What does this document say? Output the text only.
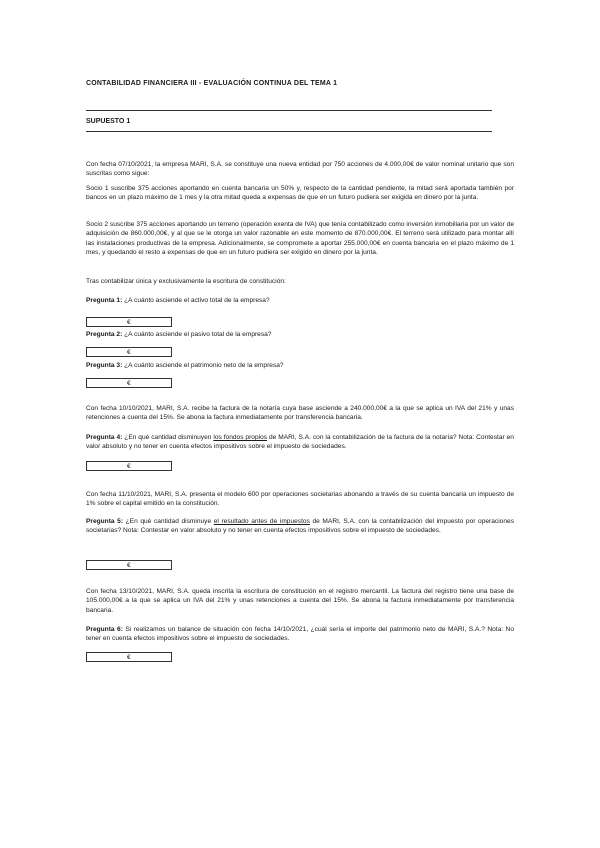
CONTABILIDAD FINANCIERA III - EVALUACIÓN CONTINUA DEL TEMA 1
SUPUESTO 1

Con fecha 07/10/2021, la empresa MARI, S.A. se constituye una nueva entidad por 750 acciones de 4.000,00€ de valor nominal unitario que son suscritas como sigue:

Socio 1 suscribe 375 acciones aportando en cuenta bancaria un 50% y, respecto de la cantidad pendiente, la mitad será aportada también por bancos en un plazo máximo de 1 mes y la otra mitad queda a expensas de que en un futuro pudiera ser exigida en dinero por la junta.

Socio 2 suscribe 375 acciones aportando un terreno (operación exenta de IVA) que tenía contabilizado como inversión inmobiliaria por un valor de adquisición de 860.000,00€, y al que se le otorga un valor razonable en este momento de 870.000,00€. El terreno será utilizado para montar allí las instalaciones productivas de la empresa. Adicionalmente, se compromete a aportar 255.000,00€ en cuenta bancaria en el plazo máximo de 1 mes, y quedando el resto a expensas de que en un futuro pudiera ser exigido en dinero por la junta.

Tras contabilizar única y exclusivamente la escritura de constitución:

Pregunta 1: ¿A cuánto asciende el activo total de la empresa?

€

Pregunta 2: ¿A cuánto asciende el pasivo total de la empresa?

€

Pregunta 3: ¿A cuánto asciende el patrimonio neto de la empresa?

€

Con fecha 10/10/2021, MARI, S.A. recibe la factura de la notaría cuya base asciende a 240.000,00€ a la que se aplica un IVA del 21% y unas retenciones a cuenta del 15%. Se abona la factura inmediatamente por transferencia bancaria.

Pregunta 4: ¿En qué cantidad disminuyen los fondos propios de MARI, S.A. con la contabilización de la factura de la notaría? Nota: Contestar en valor absoluto y no tener en cuenta efectos impositivos sobre el impuesto de sociedades.

€

Con fecha 11/10/2021, MARI, S.A. presenta el modelo 600 por operaciones societarias abonando a través de su cuenta bancaria un impuesto de 1% sobre el capital emitido en la constitución.

Pregunta 5: ¿En qué cantidad disminuye el resultado antes de impuestos de MARI, S.A. con la contabilización del impuesto por operaciones societarias? Nota: Contestar en valor absoluto y no tener en cuenta efectos impositivos sobre el impuesto de sociedades.

€

Con fecha 13/10/2021, MARI, S.A. queda inscrita la escritura de constitución en el registro mercantil. La factura del registro tiene una base de 105.000,00€ a la que se aplica un IVA del 21% y unas retenciones a cuenta del 15%. Se abona la factura inmediatamente por transferencia bancaria.

Pregunta 6: Si realizamos un balance de situación con fecha 14/10/2021, ¿cuál sería el importe del patrimonio neto de MARI, S.A.? Nota: No tener en cuenta efectos impositivos sobre el impuesto de sociedades.

€
